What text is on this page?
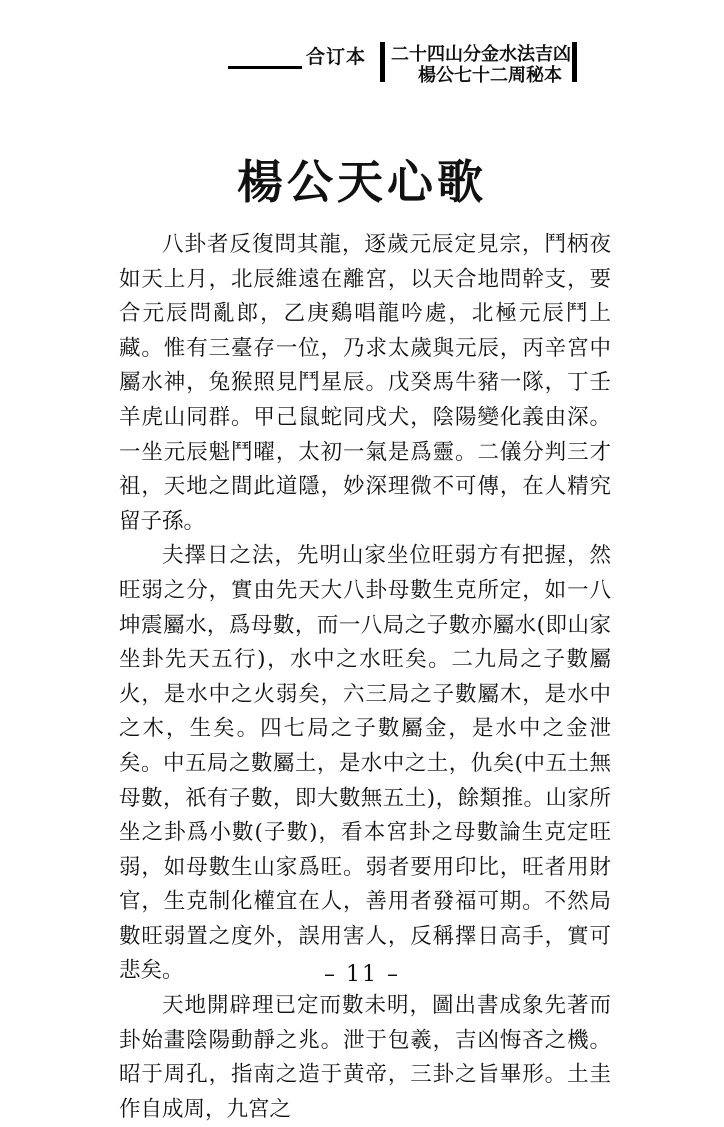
合订本 二十四山分金水法吉凶
楊公七十二周秘本
楊公天心歌

八卦者反復問其龍，逐歲元辰定見宗，鬥柄夜如天上月，北辰維遠在離宮，以天合地問幹支，要合元辰問亂郎，乙庚鷄唱龍吟處，北極元辰鬥上藏。惟有三臺存一位，乃求太歲與元辰，丙辛宮中屬水神，兔猴照見鬥星辰。戊癸馬牛豬一隊，丁壬羊虎山同群。甲己鼠蛇同戌犬，陰陽變化義由深。一坐元辰魁鬥曜，太初一氣是爲靈。二儀分判三才祖，天地之間此道隱，妙深理微不可傳，在人精究留子孫。

夫擇日之法，先明山家坐位旺弱方有把握，然旺弱之分，實由先天大八卦母數生克所定，如一八坤震屬水，爲母數，而一八局之子數亦屬水(即山家坐卦先天五行)，水中之水旺矣。二九局之子數屬火，是水中之火弱矣，六三局之子數屬木，是水中之木，生矣。四七局之子數屬金，是水中之金泄矣。中五局之數屬土，是水中之土，仇矣(中五土無母數，祇有子數，即大數無五土)，餘類推。山家所坐之卦爲小數(子數)，看本宮卦之母數論生克定旺弱，如母數生山家爲旺。弱者要用印比，旺者用財官，生克制化權宜在人，善用者發福可期。不然局數旺弱置之度外，誤用害人，反稱擇日高手，實可悲矣。

天地開辟理已定而數未明，圖出書成象先著而卦始畫陰陽動靜之兆。泄于包羲，吉凶悔吝之機。昭于周孔，指南之造于黄帝，三卦之旨畢形。土圭作自成周，九宮之

– 11 –
